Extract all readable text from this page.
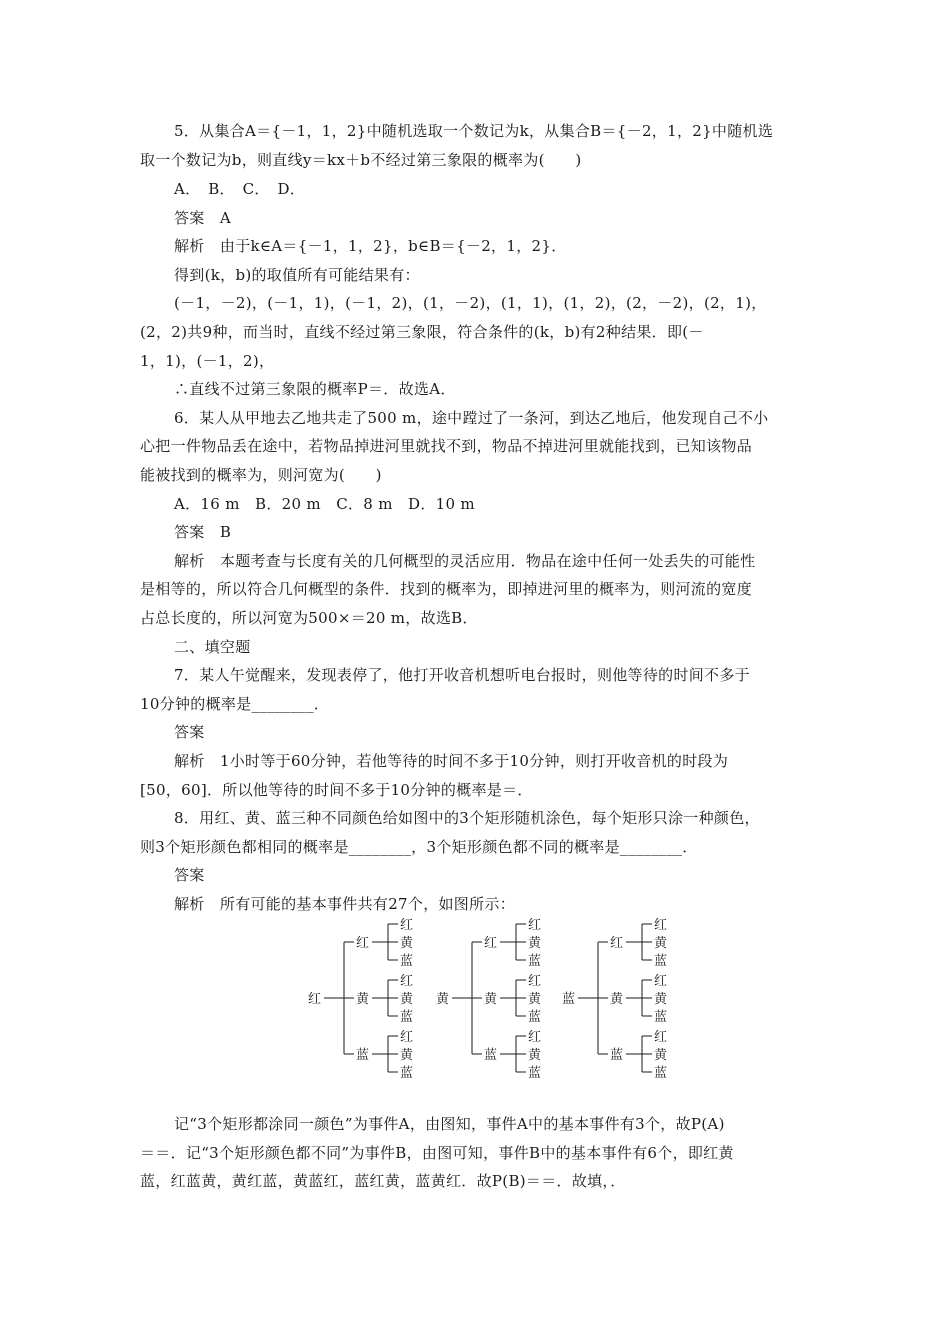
5．从集合A＝{－1，1，2}中随机选取一个数记为k，从集合B＝{－2，1，2}中随机选
取一个数记为b，则直线y＝kx＋b不经过第三象限的概率为(　　)
A．　B．　C．　D．
答案　A
解析　由于k∈A＝{－1，1，2}，b∈B＝{－2，1，2}．
得到(k，b)的取值所有可能结果有：
(－1，－2)，(－1，1)，(－1，2)，(1，－2)，(1，1)，(1，2)，(2，－2)，(2，1)，
(2，2)共9种，而当时，直线不经过第三象限，符合条件的(k，b)有2种结果．即(－
1，1)，(－1，2)，
∴直线不过第三象限的概率P＝．故选A．
6．某人从甲地去乙地共走了500 m，途中蹚过了一条河，到达乙地后，他发现自己不小
心把一件物品丢在途中，若物品掉进河里就找不到，物品不掉进河里就能找到，已知该物品
能被找到的概率为，则河宽为(　　)
A．16 m　B．20 m　C．8 m　D．10 m
答案　B
解析　本题考查与长度有关的几何概型的灵活应用．物品在途中任何一处丢失的可能性
是相等的，所以符合几何概型的条件．找到的概率为，即掉进河里的概率为，则河流的宽度
占总长度的，所以河宽为500×＝20 m，故选B．
二、填空题
7．某人午觉醒来，发现表停了，他打开收音机想听电台报时，则他等待的时间不多于
10分钟的概率是________．
答案
解析　1小时等于60分钟，若他等待的时间不多于10分钟，则打开收音机的时段为
[50，60]．所以他等待的时间不多于10分钟的概率是＝．
8．用红、黄、蓝三种不同颜色给如图中的3个矩形随机涂色，每个矩形只涂一种颜色，
则3个矩形颜色都相同的概率是________，3个矩形颜色都不同的概率是________．
答案
解析　所有可能的基本事件共有27个，如图所示：
红
红
红
黄
蓝
黄
红
黄
蓝
蓝
红
黄
蓝
黄
红
红
黄
蓝
黄
红
黄
蓝
蓝
红
黄
蓝
蓝
红
红
黄
蓝
黄
红
黄
蓝
蓝
红
黄
蓝
记“3个矩形都涂同一颜色”为事件A，由图知，事件A中的基本事件有3个，故P(A)
＝＝．记“3个矩形颜色都不同”为事件B，由图可知，事件B中的基本事件有6个，即红黄
蓝，红蓝黄，黄红蓝，黄蓝红，蓝红黄，蓝黄红．故P(B)＝＝．故填，．
